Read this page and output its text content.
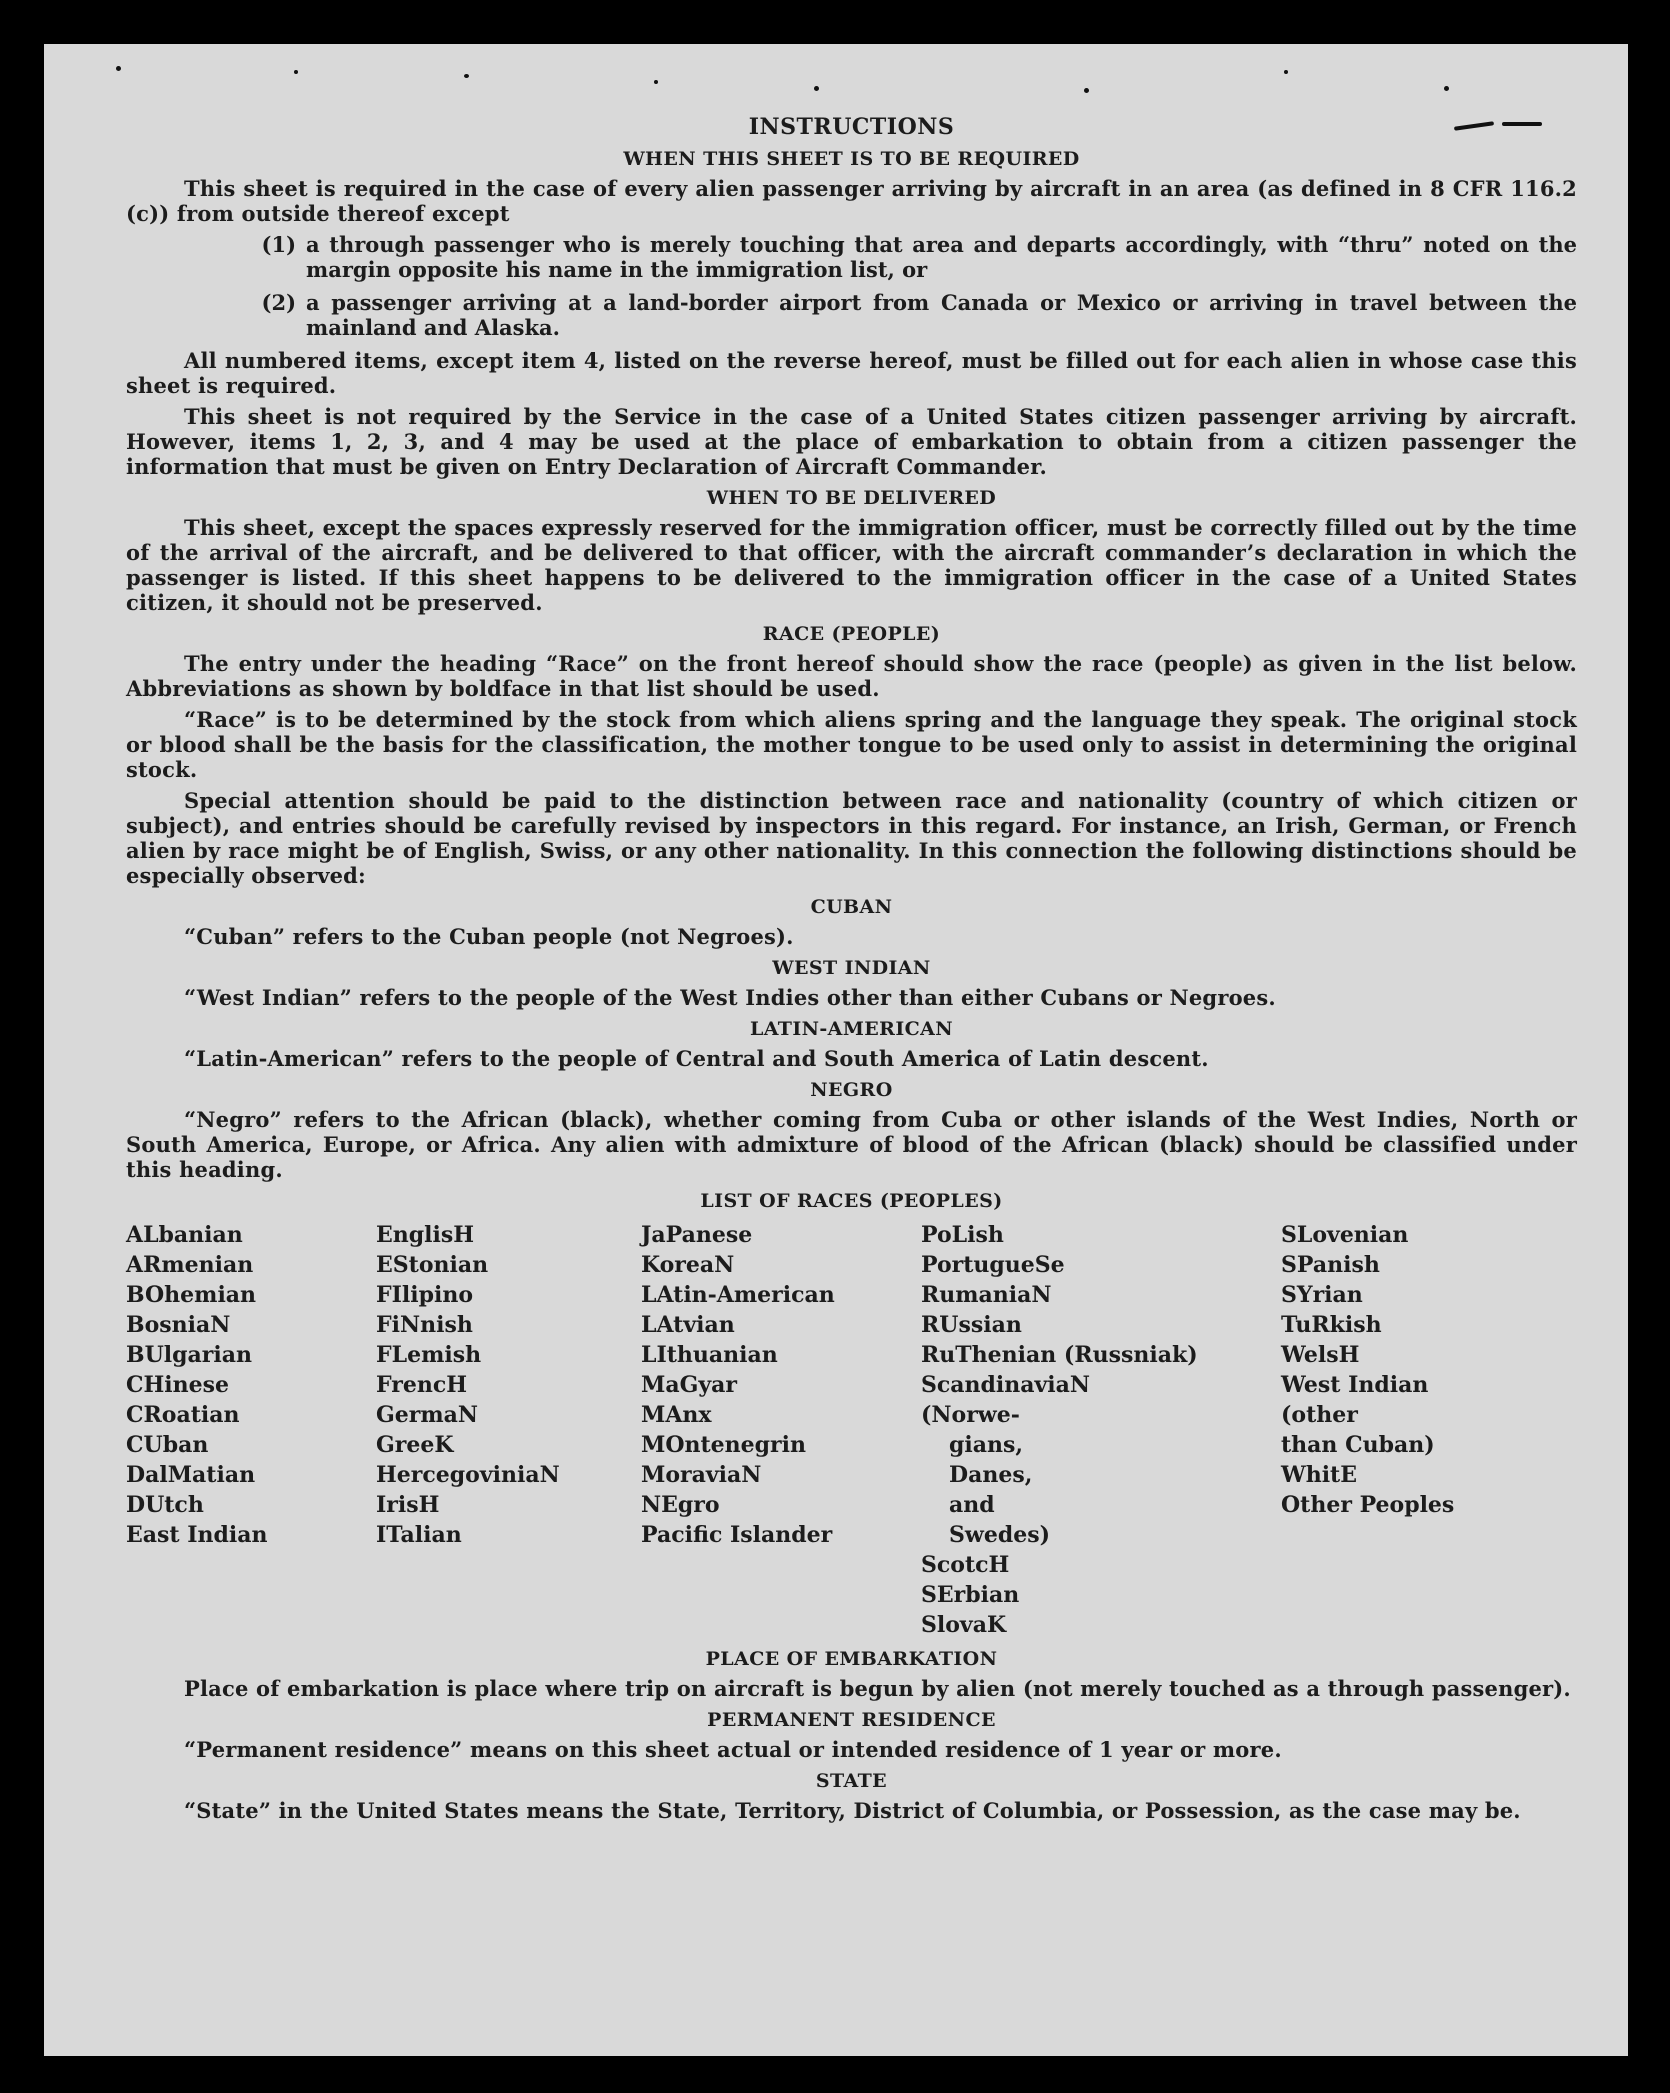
INSTRUCTIONS
WHEN THIS SHEET IS TO BE REQUIRED

This sheet is required in the case of every alien passenger arriving by aircraft in an area (as defined in 8 CFR 116.2 (c)) from outside thereof except

(1) a through passenger who is merely touching that area and departs accordingly, with “thru” noted on the margin opposite his name in the immigration list, or
(2) a passenger arriving at a land-border airport from Canada or Mexico or arriving in travel between the mainland and Alaska.

All numbered items, except item 4, listed on the reverse hereof, must be filled out for each alien in whose case this sheet is required.

This sheet is not required by the Service in the case of a United States citizen passenger arriving by aircraft. However, items 1, 2, 3, and 4 may be used at the place of embarkation to obtain from a citizen passenger the information that must be given on Entry Declaration of Aircraft Commander.

WHEN TO BE DELIVERED

This sheet, except the spaces expressly reserved for the immigration officer, must be correctly filled out by the time of the arrival of the aircraft, and be delivered to that officer, with the aircraft commander’s declaration in which the passenger is listed. If this sheet happens to be delivered to the immigration officer in the case of a United States citizen, it should not be preserved.

RACE (PEOPLE)

The entry under the heading “Race” on the front hereof should show the race (people) as given in the list below. Abbreviations as shown by boldface in that list should be used.

“Race” is to be determined by the stock from which aliens spring and the language they speak. The original stock or blood shall be the basis for the classification, the mother tongue to be used only to assist in determining the original stock.

Special attention should be paid to the distinction between race and nationality (country of which citizen or subject), and entries should be carefully revised by inspectors in this regard. For instance, an Irish, German, or French alien by race might be of English, Swiss, or any other nationality. In this connection the following distinctions should be especially observed:

CUBAN

“Cuban” refers to the Cuban people (not Negroes).

WEST INDIAN

“West Indian” refers to the people of the West Indies other than either Cubans or Negroes.

LATIN-AMERICAN

“Latin-American” refers to the people of Central and South America of Latin descent.

NEGRO

“Negro” refers to the African (black), whether coming from Cuba or other islands of the West Indies, North or South America, Europe, or Africa. Any alien with admixture of blood of the African (black) should be classified under this heading.

LIST OF RACES (PEOPLES)
ALbanian
ARmenian
BOhemian
BosniaN
BUlgarian
CHinese
CRoatian
CUban
DalMatian
DUtch
East Indian
EnglisH
EStonian
FIlipino
FiNnish
FLemish
FrencH
GermaN
GreeK
HercegoviniaN
IrisH
ITalian
JaPanese
KoreaN
LAtin-American
LAtvian
LIthuanian
MaGyar
MAnx
MOntenegrin
MoraviaN
NEgro
Pacific Islander
PoLish
PortugueSe
RumaniaN
RUssian
RuThenian (Russniak)
ScandinaviaN
(Norwe-
gians,
Danes,
and
Swedes)
ScotcH
SErbian
SlovaK
SLovenian
SPanish
SYrian
TuRkish
WelsH
West Indian
(other
than Cuban)
WhitE
Other Peoples
PLACE OF EMBARKATION

Place of embarkation is place where trip on aircraft is begun by alien (not merely touched as a through passenger).

PERMANENT RESIDENCE

“Permanent residence” means on this sheet actual or intended residence of 1 year or more.

STATE

“State” in the United States means the State, Territory, District of Columbia, or Possession, as the case may be.
